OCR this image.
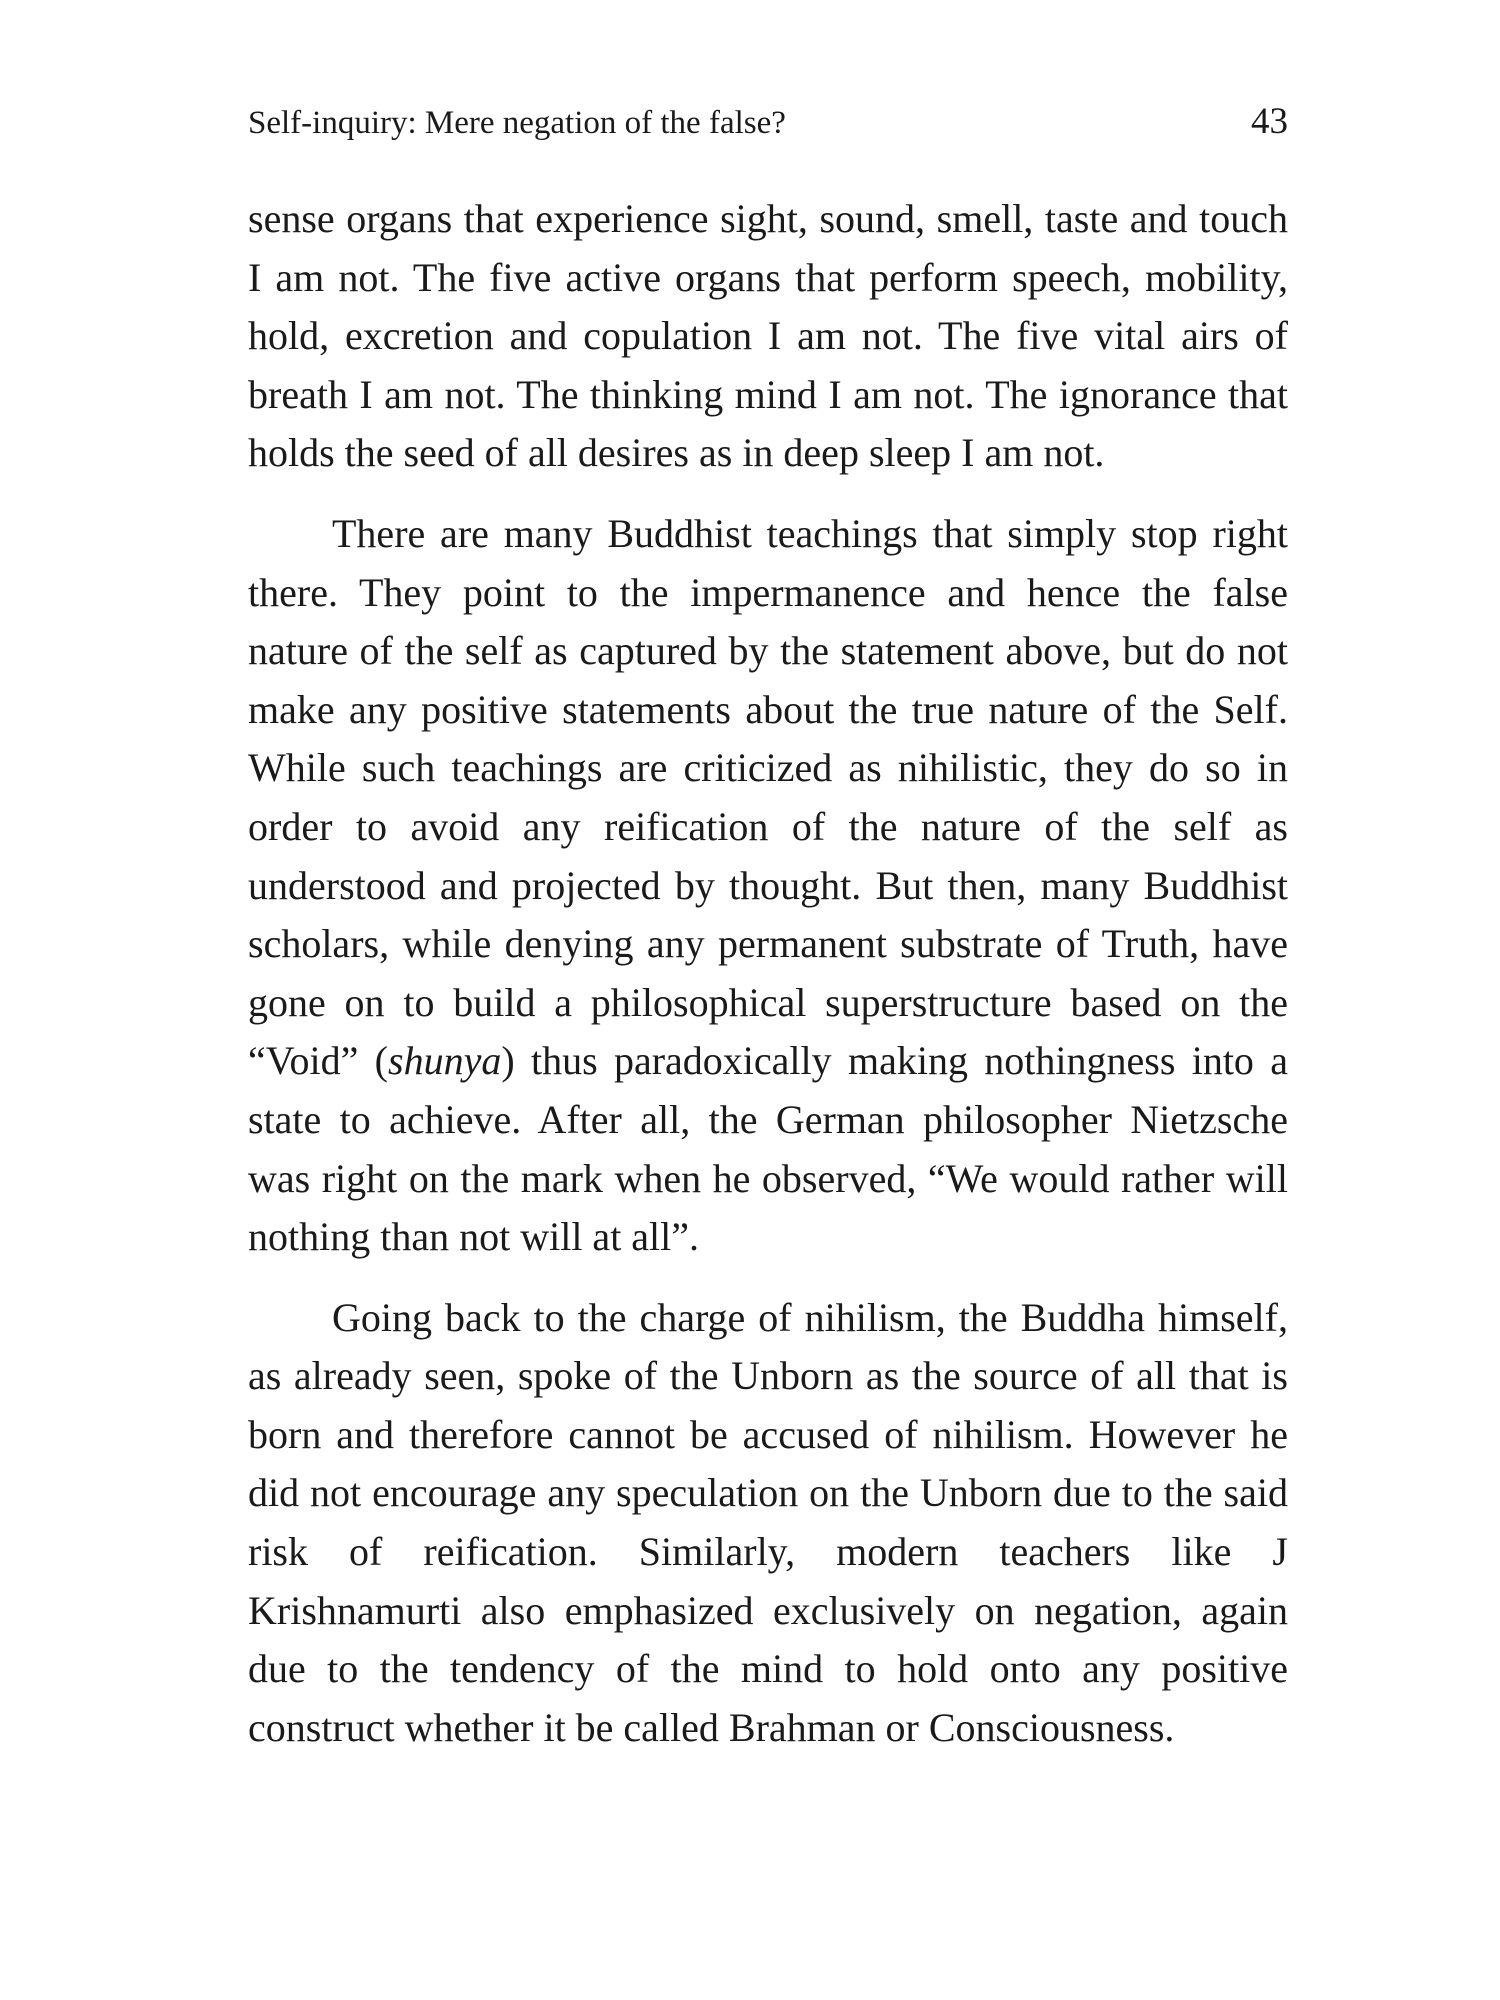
Self-inquiry: Mere negation of the false?	43

sense organs that experience sight, sound, smell, taste and touch I am not. The five active organs that perform speech, mobility, hold, excretion and copulation I am not. The five vital airs of breath I am not. The thinking mind I am not. The ignorance that holds the seed of all desires as in deep sleep I am not.

There are many Buddhist teachings that simply stop right there. They point to the impermanence and hence the false nature of the self as captured by the statement above, but do not make any positive statements about the true nature of the Self. While such teachings are criticized as nihilistic, they do so in order to avoid any reification of the nature of the self as understood and projected by thought. But then, many Buddhist scholars, while denying any permanent substrate of Truth, have gone on to build a philosophical superstructure based on the “Void” (shunya) thus paradoxically making nothingness into a state to achieve. After all, the German philosopher Nietzsche was right on the mark when he observed, “We would rather will nothing than not will at all”.

Going back to the charge of nihilism, the Buddha himself, as already seen, spoke of the Unborn as the source of all that is born and therefore cannot be accused of nihilism. However he did not encourage any speculation on the Unborn due to the said risk of reification. Similarly, modern teachers like J Krishnamurti also emphasized exclusively on negation, again due to the tendency of the mind to hold onto any positive construct whether it be called Brahman or Consciousness.
